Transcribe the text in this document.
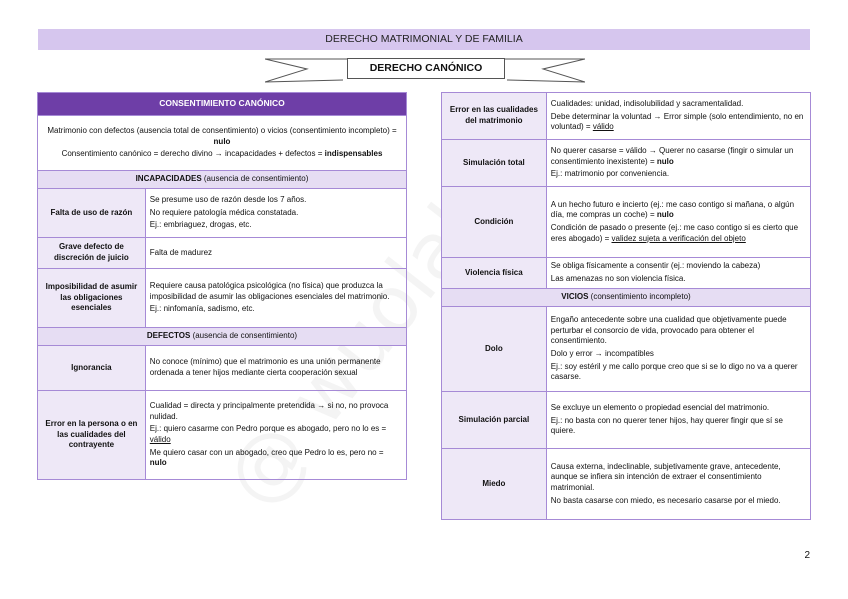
DERECHO MATRIMONIAL Y DE FAMILIA
DERECHO CANÓNICO
CONSENTIMIENTO CANÓNICO	

Matrimonio con defectos (ausencia total de consentimiento) o vicios (consentimiento incompleto) = nulo

Consentimiento canónico = derecho divino → incapacidades + defectos = indispensables	

INCAPACIDADES (ausencia de consentimiento)	
Falta de uso de razón	Se presume uso de razón desde los 7 años.

No requiere patología médica constatada.

Ej.: embriaguez, drogas, etc.

Grave defecto de discreción de juicio	Falta de madurez

Imposibilidad de asumir las obligaciones esenciales	Requiere causa patológica psicológica (no física) que produzca la imposibilidad de asumir las obligaciones esenciales del matrimonio.

Ej.: ninfomanía, sadismo, etc.

DEFECTOS (ausencia de consentimiento)	
Ignorancia	No conoce (mínimo) que el matrimonio es una unión permanente ordenada a tener hijos mediante cierta cooperación sexual

Error en la persona o en las cualidades del contrayente	Cualidad = directa y principalmente pretendida → si no, no provoca nulidad.

Ej.: quiero casarme con Pedro porque es abogado, pero no lo es = válido

Me quiero casar con un abogado, creo que Pedro lo es, pero no = nulo

Error en las cualidades del matrimonio	Cualidades: unidad, indisolubilidad y sacramentalidad.

Debe determinar la voluntad → Error simple (solo entendimiento, no en voluntad) = válido

Simulación total	No querer casarse = válido → Querer no casarse (fingir o simular un consentimiento inexistente) = nulo

Ej.: matrimonio por conveniencia.

Condición	A un hecho futuro e incierto (ej.: me caso contigo si mañana, o algún día, me compras un coche) = nulo

Condición de pasado o presente (ej.: me caso contigo si es cierto que eres abogado) = validez sujeta a verificación del objeto

Violencia física	Se obliga físicamente a consentir (ej.: moviendo la cabeza)

Las amenazas no son violencia física.

VICIOS (consentimiento incompleto)	
Dolo	Engaño antecedente sobre una cualidad que objetivamente puede perturbar el consorcio de vida, provocado para obtener el consentimiento.

Dolo y error → incompatibles

Ej.: soy estéril y me callo porque creo que si se lo digo no va a querer casarse.

Simulación parcial	Se excluye un elemento o propiedad esencial del matrimonio.

Ej.: no basta con no querer tener hijos, hay querer fingir que sí se quiere.

Miedo	Causa externa, indeclinable, subjetivamente grave, antecedente, aunque se infiera sin intención de extraer el consentimiento matrimonial.

No basta casarse con miedo, es necesario casarse por el miedo.

2
